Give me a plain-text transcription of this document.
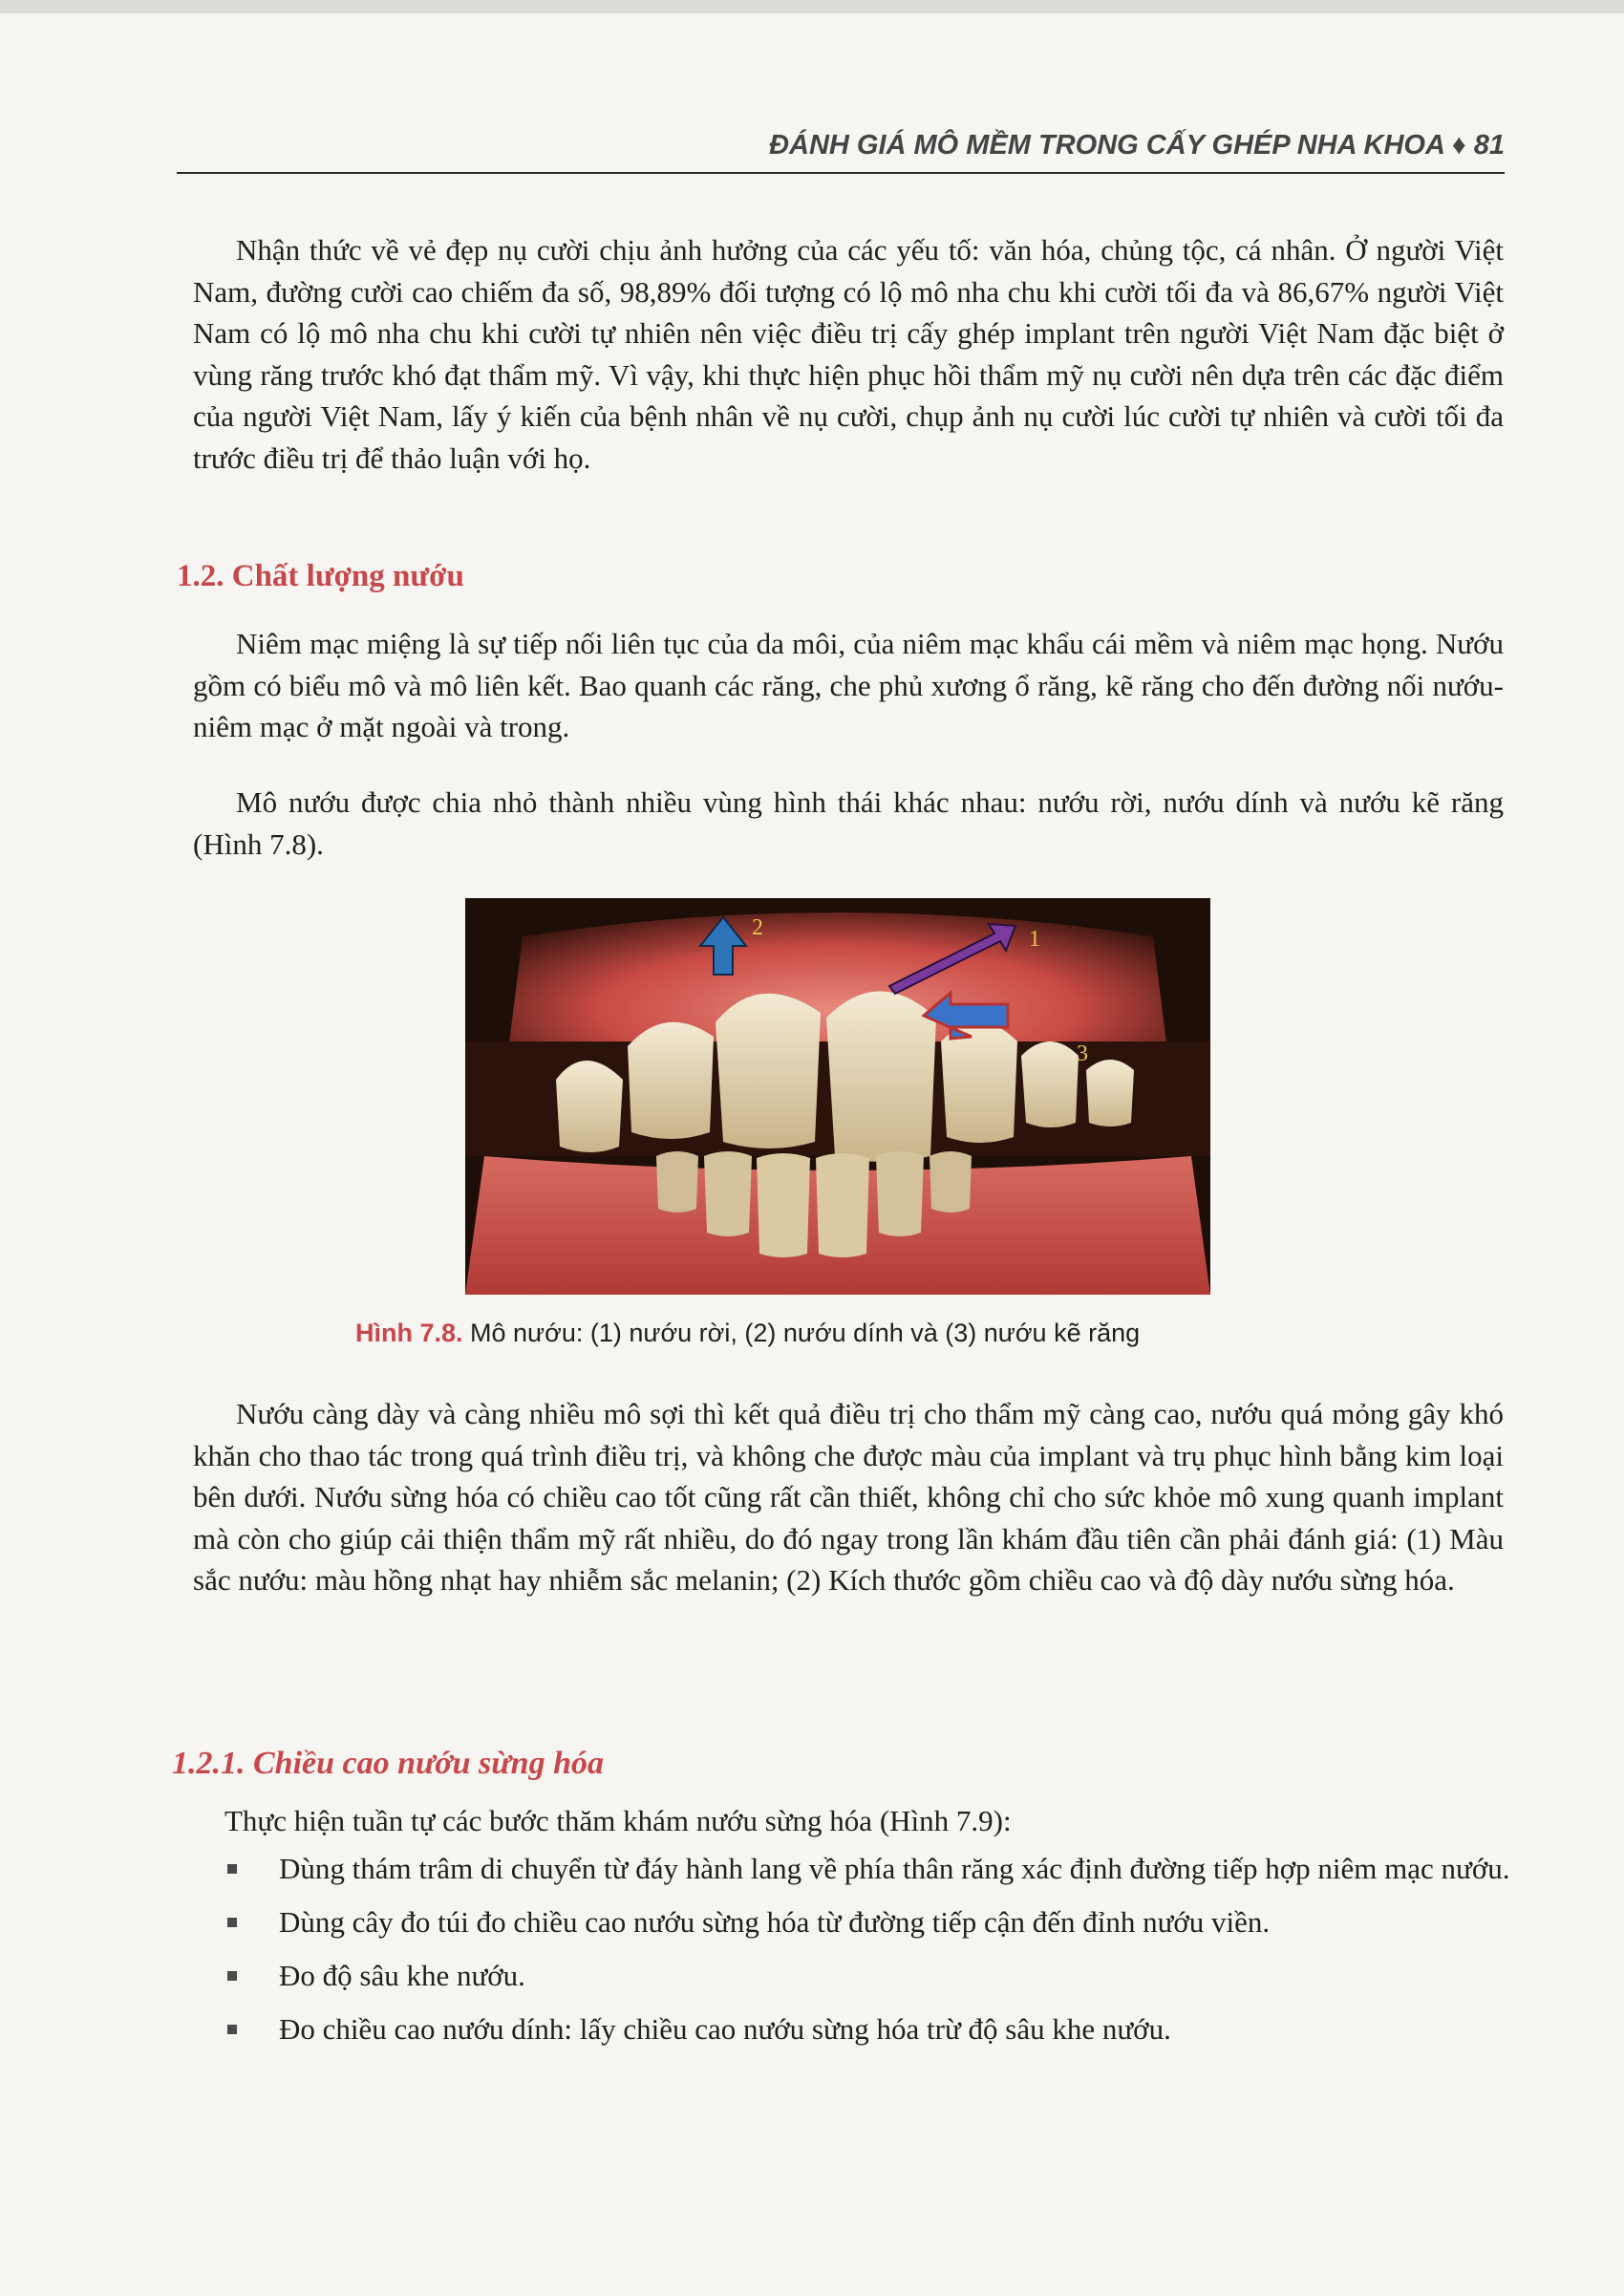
ĐÁNH GIÁ MÔ MỀM TRONG CẤY GHÉP NHA KHOA ♦ 81

Nhận thức về vẻ đẹp nụ cười chịu ảnh hưởng của các yếu tố: văn hóa, chủng tộc, cá nhân. Ở người Việt Nam, đường cười cao chiếm đa số, 98,89% đối tượng có lộ mô nha chu khi cười tối đa và 86,67% người Việt Nam có lộ mô nha chu khi cười tự nhiên nên việc điều trị cấy ghép implant trên người Việt Nam đặc biệt ở vùng răng trước khó đạt thẩm mỹ. Vì vậy, khi thực hiện phục hồi thẩm mỹ nụ cười nên dựa trên các đặc điểm của người Việt Nam, lấy ý kiến của bệnh nhân về nụ cười, chụp ảnh nụ cười lúc cười tự nhiên và cười tối đa trước điều trị để thảo luận với họ.

1.2. Chất lượng nướu

Niêm mạc miệng là sự tiếp nối liên tục của da môi, của niêm mạc khẩu cái mềm và niêm mạc họng. Nướu gồm có biểu mô và mô liên kết. Bao quanh các răng, che phủ xương ổ răng, kẽ răng cho đến đường nối nướu-niêm mạc ở mặt ngoài và trong.

Mô nướu được chia nhỏ thành nhiều vùng hình thái khác nhau: nướu rời, nướu dính và nướu kẽ răng (Hình 7.8).

1
2
3
Hình 7.8. Mô nướu: (1) nướu rời, (2) nướu dính và (3) nướu kẽ răng

Nướu càng dày và càng nhiều mô sợi thì kết quả điều trị cho thẩm mỹ càng cao, nướu quá mỏng gây khó khăn cho thao tác trong quá trình điều trị, và không che được màu của implant và trụ phục hình bằng kim loại bên dưới. Nướu sừng hóa có chiều cao tốt cũng rất cần thiết, không chỉ cho sức khỏe mô xung quanh implant mà còn cho giúp cải thiện thẩm mỹ rất nhiều, do đó ngay trong lần khám đầu tiên cần phải đánh giá: (1) Màu sắc nướu: màu hồng nhạt hay nhiễm sắc melanin; (2) Kích thước gồm chiều cao và độ dày nướu sừng hóa.

1.2.1. Chiều cao nướu sừng hóa

Thực hiện tuần tự các bước thăm khám nướu sừng hóa (Hình 7.9):

Dùng thám trâm di chuyển từ đáy hành lang về phía thân răng xác định đường tiếp hợp niêm mạc nướu.
Dùng cây đo túi đo chiều cao nướu sừng hóa từ đường tiếp cận đến đỉnh nướu viền.
Đo độ sâu khe nướu.
Đo chiều cao nướu dính: lấy chiều cao nướu sừng hóa trừ độ sâu khe nướu.
